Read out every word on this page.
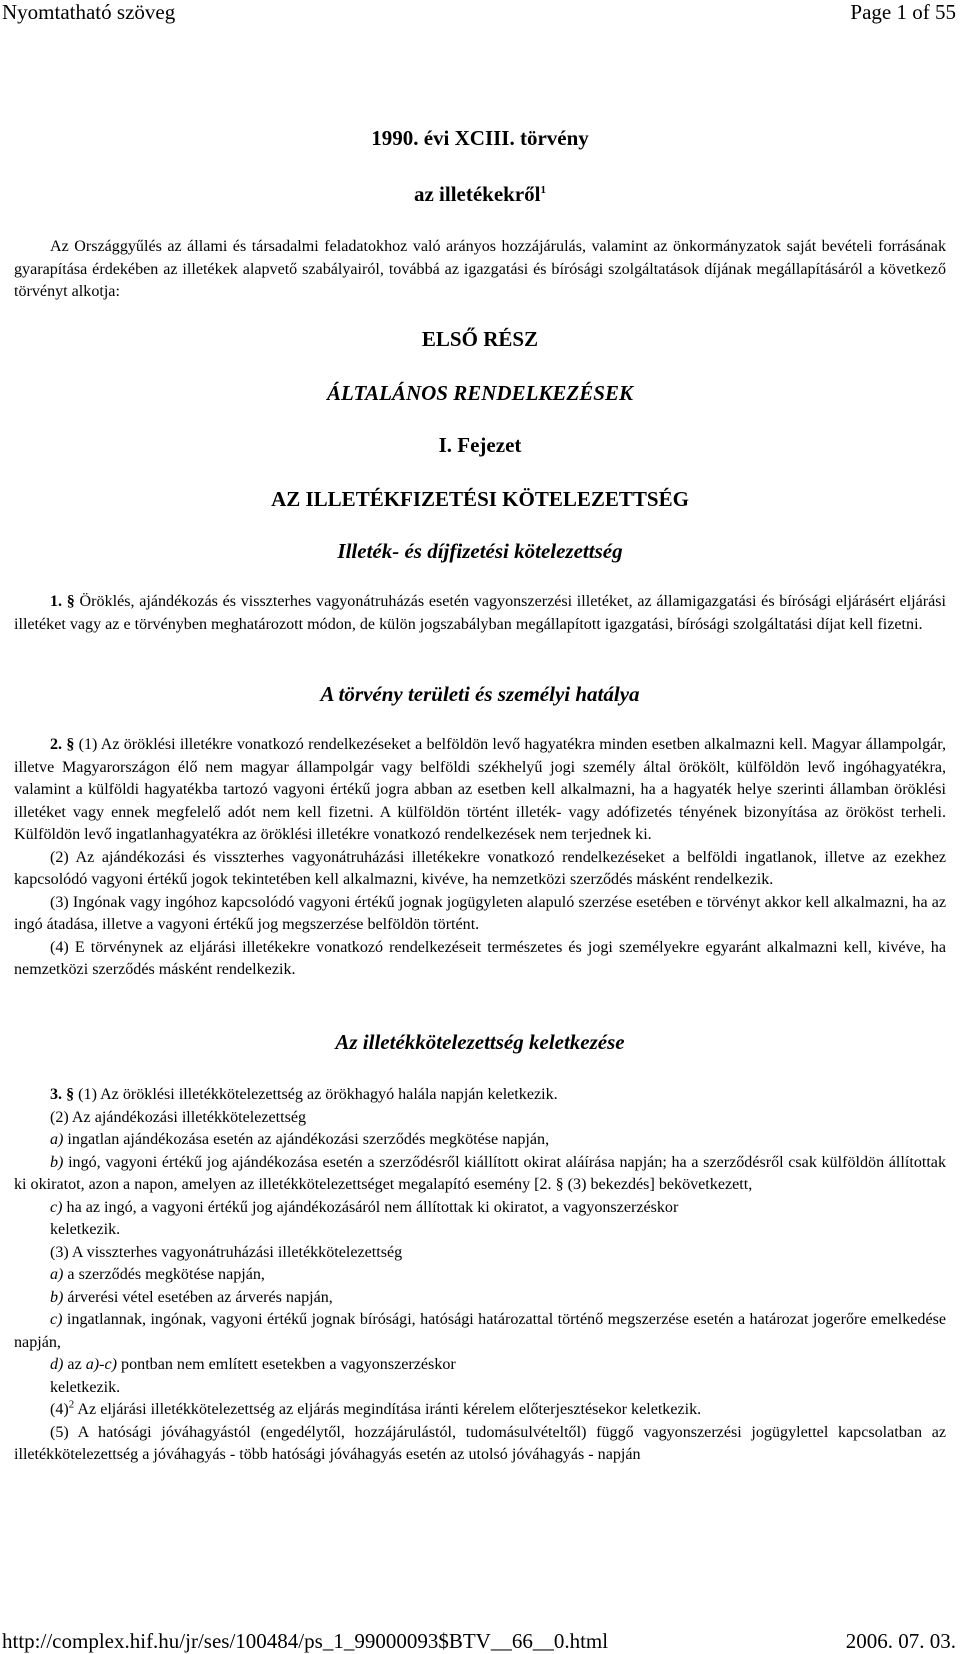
Nyomtatható szöveg	Page 1 of 55
1990. évi XCIII. törvény
az illetékekről$^1$

Az Országgyűlés az állami és társadalmi feladatokhoz való arányos hozzájárulás, valamint az önkormányzatok saját bevételi forrásának gyarapítása érdekében az illetékek alapvető szabályairól, továbbá az igazgatási és bírósági szolgáltatások díjának megállapításáról a következő törvényt alkotja:

ELSŐ RÉSZ
ÁLTALÁNOS RENDELKEZÉSEK
I. Fejezet
AZ ILLETÉKFIZETÉSI KÖTELEZETTSÉG
Illeték- és díjfizetési kötelezettség

1. § Öröklés, ajándékozás és visszterhes vagyonátruházás esetén vagyonszerzési illetéket, az államigazgatási és bírósági eljárásért eljárási illetéket vagy az e törvényben meghatározott módon, de külön jogszabályban megállapított igazgatási, bírósági szolgáltatási díjat kell fizetni.

A törvény területi és személyi hatálya

2. § (1) Az öröklési illetékre vonatkozó rendelkezéseket a belföldön levő hagyatékra minden esetben alkalmazni kell. Magyar állampolgár, illetve Magyarországon élő nem magyar állampolgár vagy belföldi székhelyű jogi személy által örökölt, külföldön levő ingóhagyatékra, valamint a külföldi hagyatékba tartozó vagyoni értékű jogra abban az esetben kell alkalmazni, ha a hagyaték helye szerinti államban öröklési illetéket vagy ennek megfelelő adót nem kell fizetni. A külföldön történt illeték- vagy adófizetés tényének bizonyítása az örököst terheli. Külföldön levő ingatlanhagyatékra az öröklési illetékre vonatkozó rendelkezések nem terjednek ki.

(2) Az ajándékozási és visszterhes vagyonátruházási illetékekre vonatkozó rendelkezéseket a belföldi ingatlanok, illetve az ezekhez kapcsolódó vagyoni értékű jogok tekintetében kell alkalmazni, kivéve, ha nemzetközi szerződés másként rendelkezik.

(3) Ingónak vagy ingóhoz kapcsolódó vagyoni értékű jognak jogügyleten alapuló szerzése esetében e törvényt akkor kell alkalmazni, ha az ingó átadása, illetve a vagyoni értékű jog megszerzése belföldön történt.

(4) E törvénynek az eljárási illetékekre vonatkozó rendelkezéseit természetes és jogi személyekre egyaránt alkalmazni kell, kivéve, ha nemzetközi szerződés másként rendelkezik.

Az illetékkötelezettség keletkezése

3. § (1) Az öröklési illetékkötelezettség az örökhagyó halála napján keletkezik.

(2) Az ajándékozási illetékkötelezettség

a) ingatlan ajándékozása esetén az ajándékozási szerződés megkötése napján,

b) ingó, vagyoni értékű jog ajándékozása esetén a szerződésről kiállított okirat aláírása napján; ha a szerződésről csak külföldön állítottak ki okiratot, azon a napon, amelyen az illetékkötelezettséget megalapító esemény [2. § (3) bekezdés] bekövetkezett,

c) ha az ingó, a vagyoni értékű jog ajándékozásáról nem állítottak ki okiratot, a vagyonszerzéskor

keletkezik.

(3) A visszterhes vagyonátruházási illetékkötelezettség

a) a szerződés megkötése napján,

b) árverési vétel esetében az árverés napján,

c) ingatlannak, ingónak, vagyoni értékű jognak bírósági, hatósági határozattal történő megszerzése esetén a határozat jogerőre emelkedése napján,

d) az a)-c) pontban nem említett esetekben a vagyonszerzéskor

keletkezik.

$(4)^2$ Az eljárási illetékkötelezettség az eljárás megindítása iránti kérelem előterjesztésekor keletkezik.

(5) A hatósági jóváhagyástól (engedélytől, hozzájárulástól, tudomásulvételtől) függő vagyonszerzési jogügylettel kapcsolatban az illetékkötelezettség a jóváhagyás - több hatósági jóváhagyás esetén az utolsó jóváhagyás - napján

http://complex.hif.hu/jr/ses/100484/ps_1_99000093$BTV__66__0.html	2006. 07. 03.
